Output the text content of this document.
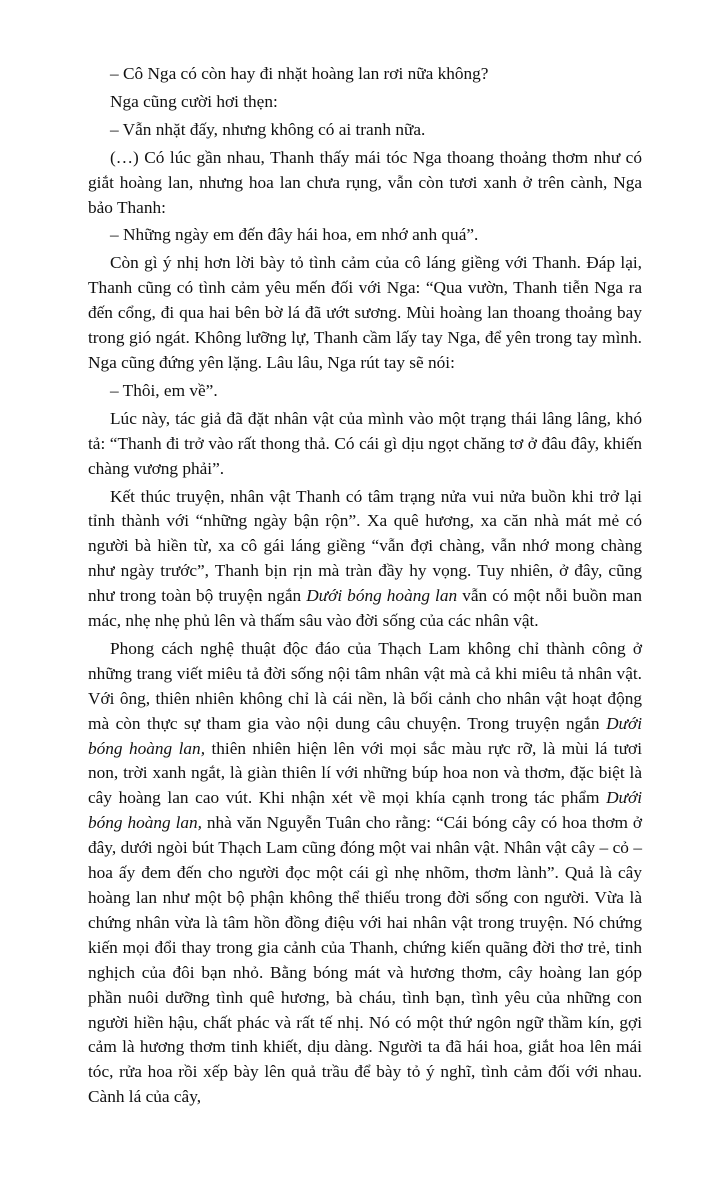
– Cô Nga có còn hay đi nhặt hoàng lan rơi nữa không?

Nga cũng cười hơi thẹn:

– Vẫn nhặt đấy, nhưng không có ai tranh nữa.

(…) Có lúc gần nhau, Thanh thấy mái tóc Nga thoang thoảng thơm như có giắt hoàng lan, nhưng hoa lan chưa rụng, vẫn còn tươi xanh ở trên cành, Nga bảo Thanh:

– Những ngày em đến đây hái hoa, em nhớ anh quá”.

Còn gì ý nhị hơn lời bày tỏ tình cảm của cô láng giềng với Thanh. Đáp lại, Thanh cũng có tình cảm yêu mến đối với Nga: “Qua vườn, Thanh tiễn Nga ra đến cổng, đi qua hai bên bờ lá đã ướt sương. Mùi hoàng lan thoang thoảng bay trong gió ngát. Không lưỡng lự, Thanh cầm lấy tay Nga, để yên trong tay mình. Nga cũng đứng yên lặng. Lâu lâu, Nga rút tay sẽ nói:

– Thôi, em về”.

Lúc này, tác giả đã đặt nhân vật của mình vào một trạng thái lâng lâng, khó tả: “Thanh đi trở vào rất thong thả. Có cái gì dịu ngọt chăng tơ ở đâu đây, khiến chàng vương phải”.

Kết thúc truyện, nhân vật Thanh có tâm trạng nửa vui nửa buồn khi trở lại tỉnh thành với “những ngày bận rộn”. Xa quê hương, xa căn nhà mát mẻ có người bà hiền từ, xa cô gái láng giềng “vẫn đợi chàng, vẫn nhớ mong chàng như ngày trước”, Thanh bịn rịn mà tràn đầy hy vọng. Tuy nhiên, ở đây, cũng như trong toàn bộ truyện ngắn Dưới bóng hoàng lan vẫn có một nỗi buồn man mác, nhẹ nhẹ phủ lên và thấm sâu vào đời sống của các nhân vật.

Phong cách nghệ thuật độc đáo của Thạch Lam không chỉ thành công ở những trang viết miêu tả đời sống nội tâm nhân vật mà cả khi miêu tả nhân vật. Với ông, thiên nhiên không chỉ là cái nền, là bối cảnh cho nhân vật hoạt động mà còn thực sự tham gia vào nội dung câu chuyện. Trong truyện ngắn Dưới bóng hoàng lan, thiên nhiên hiện lên với mọi sắc màu rực rỡ, là mùi lá tươi non, trời xanh ngắt, là giàn thiên lí với những búp hoa non và thơm, đặc biệt là cây hoàng lan cao vút. Khi nhận xét về mọi khía cạnh trong tác phẩm Dưới bóng hoàng lan, nhà văn Nguyễn Tuân cho rằng: “Cái bóng cây có hoa thơm ở đây, dưới ngòi bút Thạch Lam cũng đóng một vai nhân vật. Nhân vật cây – cỏ – hoa ấy đem đến cho người đọc một cái gì nhẹ nhõm, thơm lành”. Quả là cây hoàng lan như một bộ phận không thể thiếu trong đời sống con người. Vừa là chứng nhân vừa là tâm hồn đồng điệu với hai nhân vật trong truyện. Nó chứng kiến mọi đổi thay trong gia cảnh của Thanh, chứng kiến quãng đời thơ trẻ, tinh nghịch của đôi bạn nhỏ. Bằng bóng mát và hương thơm, cây hoàng lan góp phần nuôi dưỡng tình quê hương, bà cháu, tình bạn, tình yêu của những con người hiền hậu, chất phác và rất tế nhị. Nó có một thứ ngôn ngữ thầm kín, gợi cảm là hương thơm tinh khiết, dịu dàng. Người ta đã hái hoa, giắt hoa lên mái tóc, rửa hoa rồi xếp bày lên quả trầu để bày tỏ ý nghĩ, tình cảm đối với nhau. Cành lá của cây,
